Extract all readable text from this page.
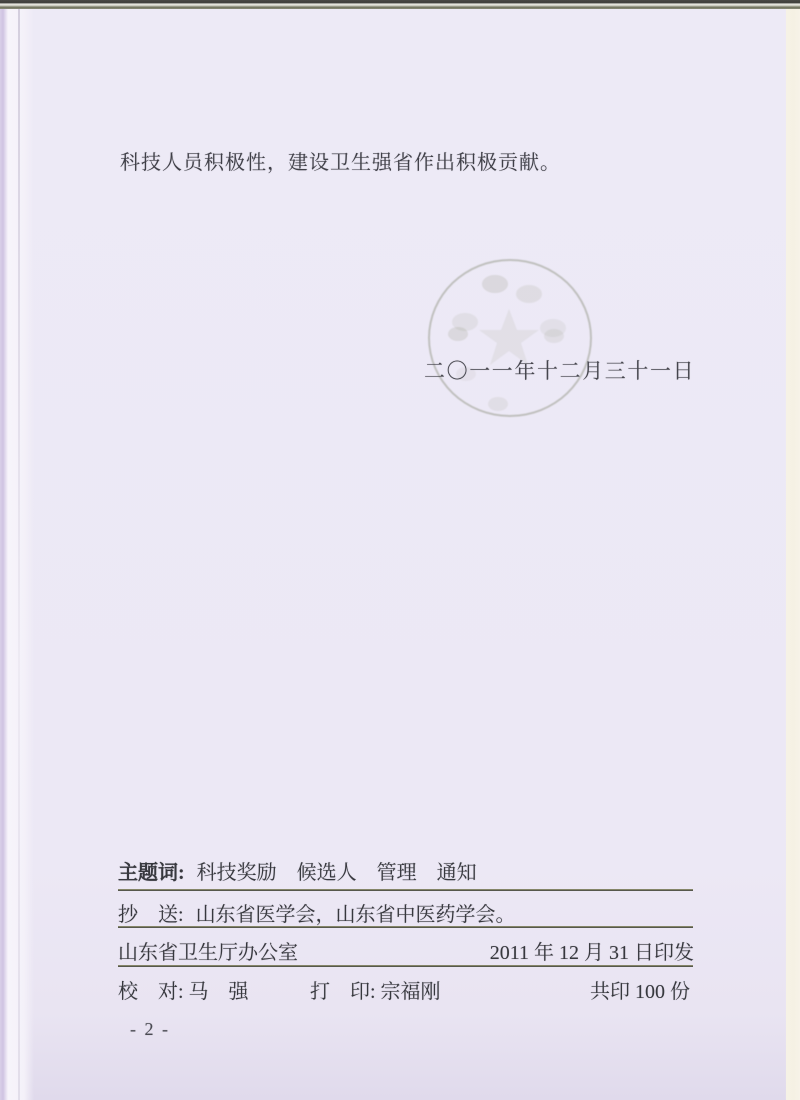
科技人员积极性，建设卫生强省作出积极贡献。
二〇一一年十二月三十一日
主题词: 科技奖励　候选人　管理　通知
抄　送: 山东省医学会，山东省中医药学会。
山东省卫生厅办公室	2011 年 12 月 31 日印发
校　对: 马　强	打　印: 宗福刚	共印 100 份
- 2 -
